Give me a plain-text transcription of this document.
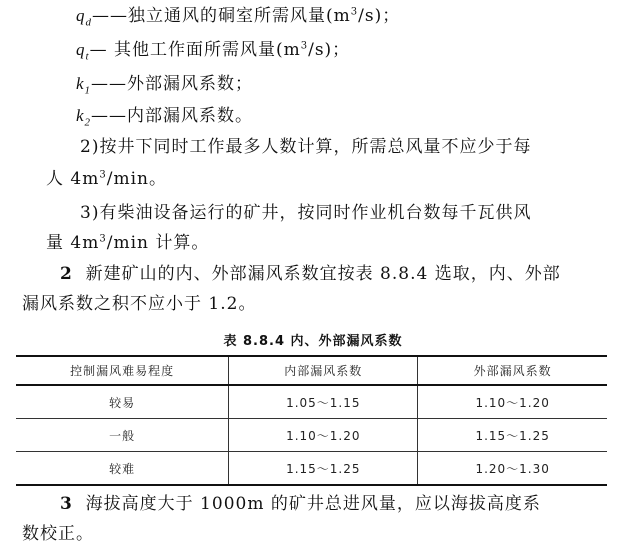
$q_d——$独立通风的硐室所需风量$(m^3/s)$；
$q_t—$ 其他工作面所需风量$(m^3/s)$；
$k_1——$外部漏风系数；
$k_2——$内部漏风系数。
2)按井下同时工作最多人数计算，所需总风量不应少于每
人 $4m^3/\min$。
3)有柴油设备运行的矿井，按同时作业机台数每千瓦供风
量 $4m^3/\min$ 计算。
2 新建矿山的内、外部漏风系数宜按表 8.8.4 选取，内、外部
漏风系数之积不应小于 1.2。
表 8.8.4 内、外部漏风系数
控制漏风难易程度	内部漏风系数	外部漏风系数
较易	1.05～1.15	1.10～1.20
一般	1.10～1.20	1.15～1.25
较难	1.15～1.25	1.20～1.30
3 海拔高度大于 1000m 的矿井总进风量，应以海拔高度系
数校正。
